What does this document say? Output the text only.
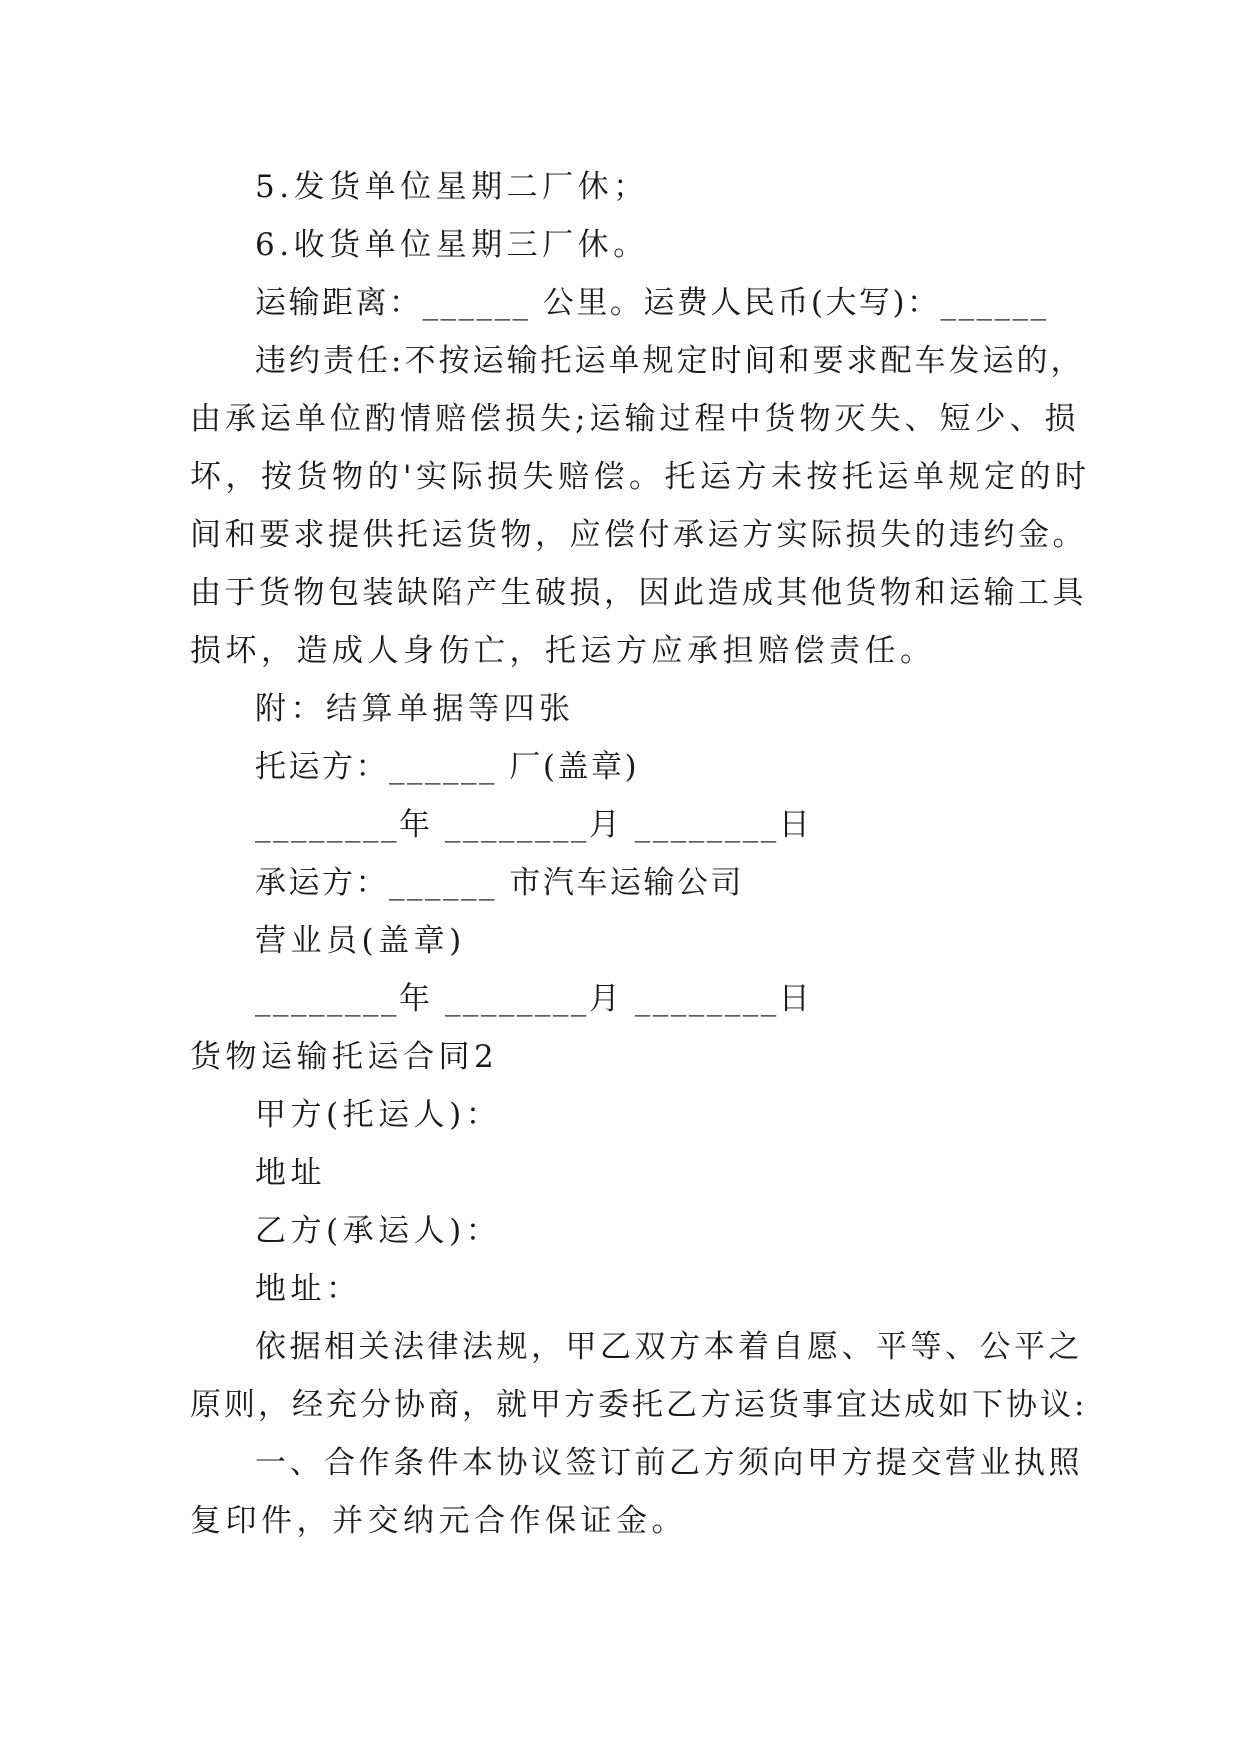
5.发货单位星期二厂休；
6.收货单位星期三厂休。
运输距离：______ 公里。运费人民币(大写)：______
违约责任:不按运输托运单规定时间和要求配车发运的，
由承运单位酌情赔偿损失;运输过程中货物灭失、短少、损
坏，按货物的'实际损失赔偿。托运方未按托运单规定的时
间和要求提供托运货物，应偿付承运方实际损失的违约金。
由于货物包装缺陷产生破损，因此造成其他货物和运输工具
损坏，造成人身伤亡，托运方应承担赔偿责任。
附：结算单据等四张
托运方：______ 厂(盖章)
________年 ________月 ________日
承运方：______ 市汽车运输公司
营业员(盖章)
________年 ________月 ________日
货物运输托运合同2
甲方(托运人)：
地址
乙方(承运人)：
地址：
依据相关法律法规，甲乙双方本着自愿、平等、公平之
原则，经充分协商，就甲方委托乙方运货事宜达成如下协议:
一、合作条件本协议签订前乙方须向甲方提交营业执照
复印件，并交纳元合作保证金。
